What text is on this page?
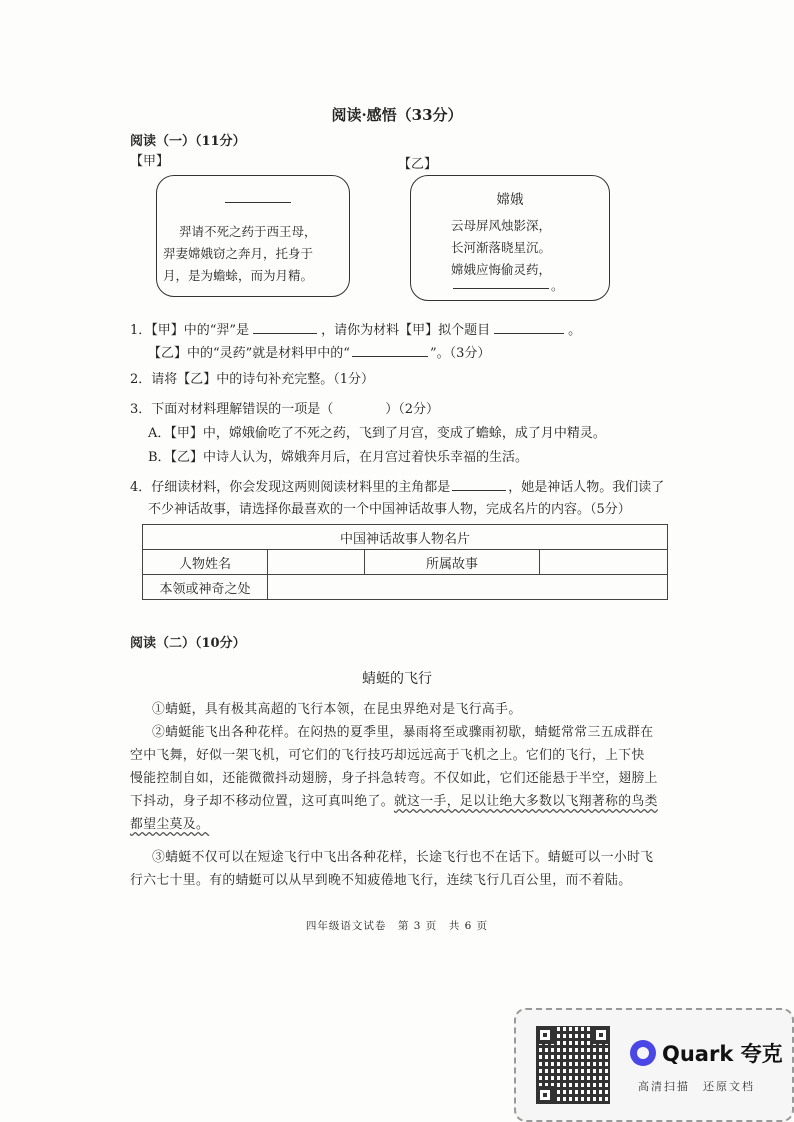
阅读·感悟（33分）
阅读（一）（11分）
【甲】	【乙】
羿请不死之药于西王母，
羿妻嫦娥窃之奔月，托身于
月，是为蟾蜍，而为月精。
嫦娥
云母屏风烛影深，
长河渐落晓星沉。
嫦娥应悔偷灵药，
。
1．【甲】中的“羿”是	，请你为材料【甲】拟个题目	。
【乙】中的“灵药”就是材料甲中的“	”。（3分）
2．请将【乙】中的诗句补充完整。（1分）
3．下面对材料理解错误的一项是（　　　　）（2分）
A．【甲】中，嫦娥偷吃了不死之药，飞到了月宫，变成了蟾蜍，成了月中精灵。
B．【乙】中诗人认为，嫦娥奔月后，在月宫过着快乐幸福的生活。
4．仔细读材料，你会发现这两则阅读材料里的主角都是	，她是神话人物。我们读了
不少神话故事，请选择你最喜欢的一个中国神话故事人物，完成名片的内容。（5分）
中国神话故事人物名片			
人物姓名		所属故事	
本领或神奇之处			
阅读（二）（10分）
蜻蜓的飞行
①蜻蜓，具有极其高超的飞行本领，在昆虫界绝对是飞行高手。
②蜻蜓能飞出各种花样。在闷热的夏季里，暴雨将至或骤雨初歇，蜻蜓常常三五成群在
空中飞舞，好似一架飞机，可它们的飞行技巧却远远高于飞机之上。它们的飞行，上下快
慢能控制自如，还能微微抖动翅膀，身子抖急转弯。不仅如此，它们还能悬于半空，翅膀上
下抖动，身子却不移动位置，这可真叫绝了。就这一手，足以让绝大多数以飞翔著称的鸟类
都望尘莫及。
③蜻蜓不仅可以在短途飞行中飞出各种花样，长途飞行也不在话下。蜻蜓可以一小时飞
行六七十里。有的蜻蜓可以从早到晚不知疲倦地飞行，连续飞行几百公里，而不着陆。
四年级语文试卷　第 3 页　共 6 页
Quark 夸克
高清扫描　还原文档
